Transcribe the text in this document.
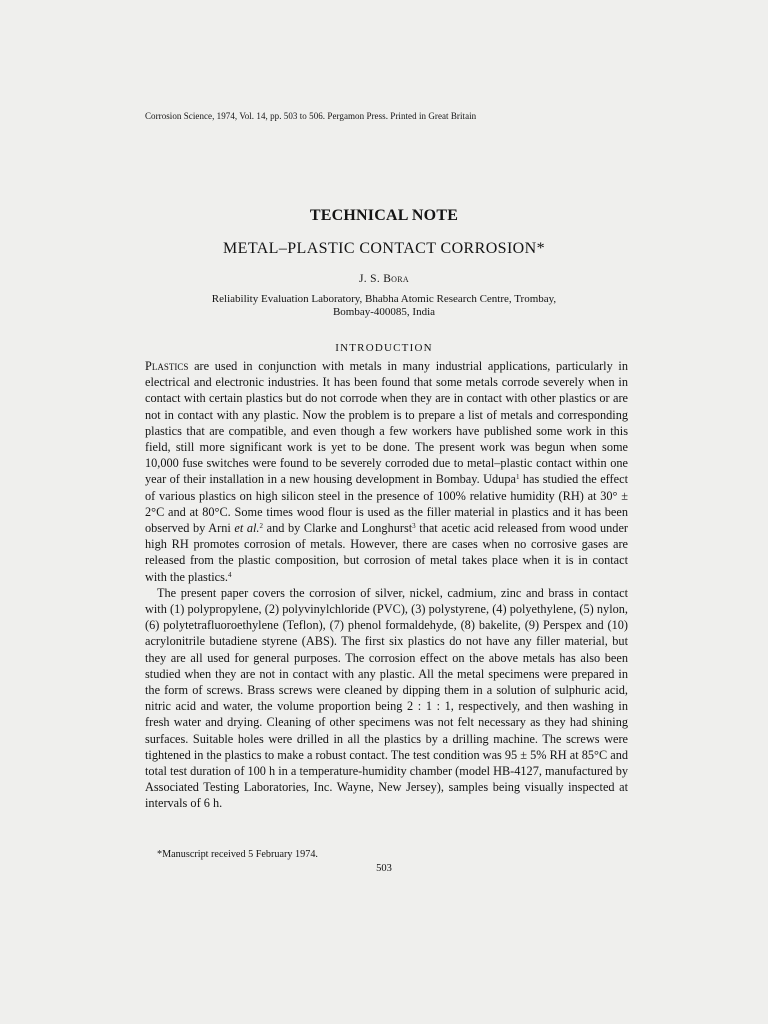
Corrosion Science, 1974, Vol. 14, pp. 503 to 506. Pergamon Press. Printed in Great Britain
TECHNICAL NOTE
METAL–PLASTIC CONTACT CORROSION*
J. S. Bora
Reliability Evaluation Laboratory, Bhabha Atomic Research Centre, Trombay,
Bombay-400085, India
INTRODUCTION

Plastics are used in conjunction with metals in many industrial applications, particularly in electrical and electronic industries. It has been found that some metals corrode severely when in contact with certain plastics but do not corrode when they are in contact with other plastics or are not in contact with any plastic. Now the problem is to prepare a list of metals and corresponding plastics that are compatible, and even though a few workers have published some work in this field, still more significant work is yet to be done. The present work was begun when some 10,000 fuse switches were found to be severely corroded due to metal–plastic contact within one year of their installation in a new housing development in Bombay. Udupa$^1$ has studied the effect of various plastics on high silicon steel in the presence of 100% relative humidity (RH) at 30° ± 2°C and at 80°C. Some times wood flour is used as the filler material in plastics and it has been observed by Arni et al.$^2$ and by Clarke and Longhurst$^3$ that acetic acid released from wood under high RH promotes corrosion of metals. However, there are cases when no corrosive gases are released from the plastic composition, but corrosion of metal takes place when it is in contact with the plastics.$^4$

The present paper covers the corrosion of silver, nickel, cadmium, zinc and brass in contact with (1) polypropylene, (2) polyvinylchloride (PVC), (3) polystyrene, (4) polyethylene, (5) nylon, (6) polytetrafluoroethylene (Teflon), (7) phenol formaldehyde, (8) bakelite, (9) Perspex and (10) acrylonitrile butadiene styrene (ABS). The first six plastics do not have any filler material, but they are all used for general purposes. The corrosion effect on the above metals has also been studied when they are not in contact with any plastic. All the metal specimens were prepared in the form of screws. Brass screws were cleaned by dipping them in a solution of sulphuric acid, nitric acid and water, the volume proportion being 2 : 1 : 1, respectively, and then washing in fresh water and drying. Cleaning of other specimens was not felt necessary as they had shining surfaces. Suitable holes were drilled in all the plastics by a drilling machine. The screws were tightened in the plastics to make a robust contact. The test condition was 95 ± 5% RH at 85°C and total test duration of 100 h in a temperature-humidity chamber (model HB-4127, manufactured by Associated Testing Laboratories, Inc. Wayne, New Jersey), samples being visually inspected at intervals of 6 h.

*Manuscript received 5 February 1974.
503
